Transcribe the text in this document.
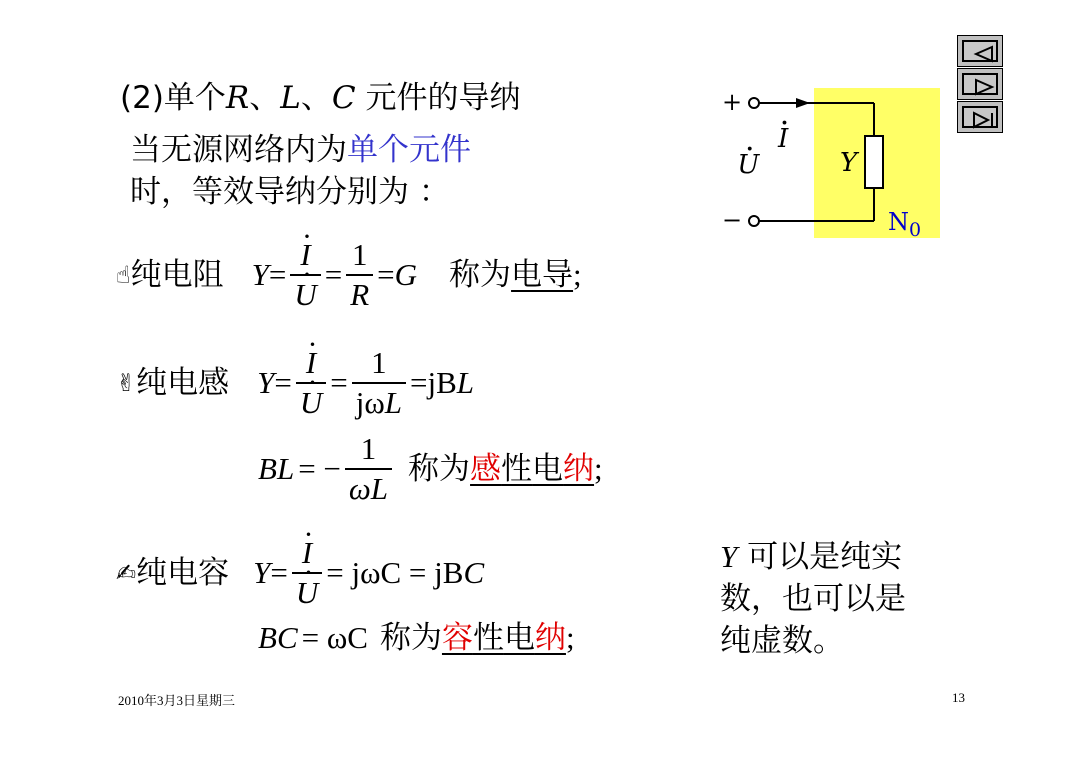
(2)单个R、L、C 元件的导纳
当无源网络内为单个元件
时，等效导纳分别为 ：
+
−
· I · U	Y
$N_0$
☝ 纯电阻 Y = · I
· $U = \frac{1}{R} = G$ 称为 电导 ;
✌ 纯电感 Y = · I
· $U = \frac{1}{\text{jωL}}$ = jB L
B L = − $\frac{1}{\omega L}$ 称为 感 性 电 纳 ;
✍ 纯电容 Y = · I
· U = jωC = jB C
B C = ωC 称为 容 性 电 纳 ;
Y 可以是纯实
数，也可以是
纯虚数。
2010年3月3日星期三	13
